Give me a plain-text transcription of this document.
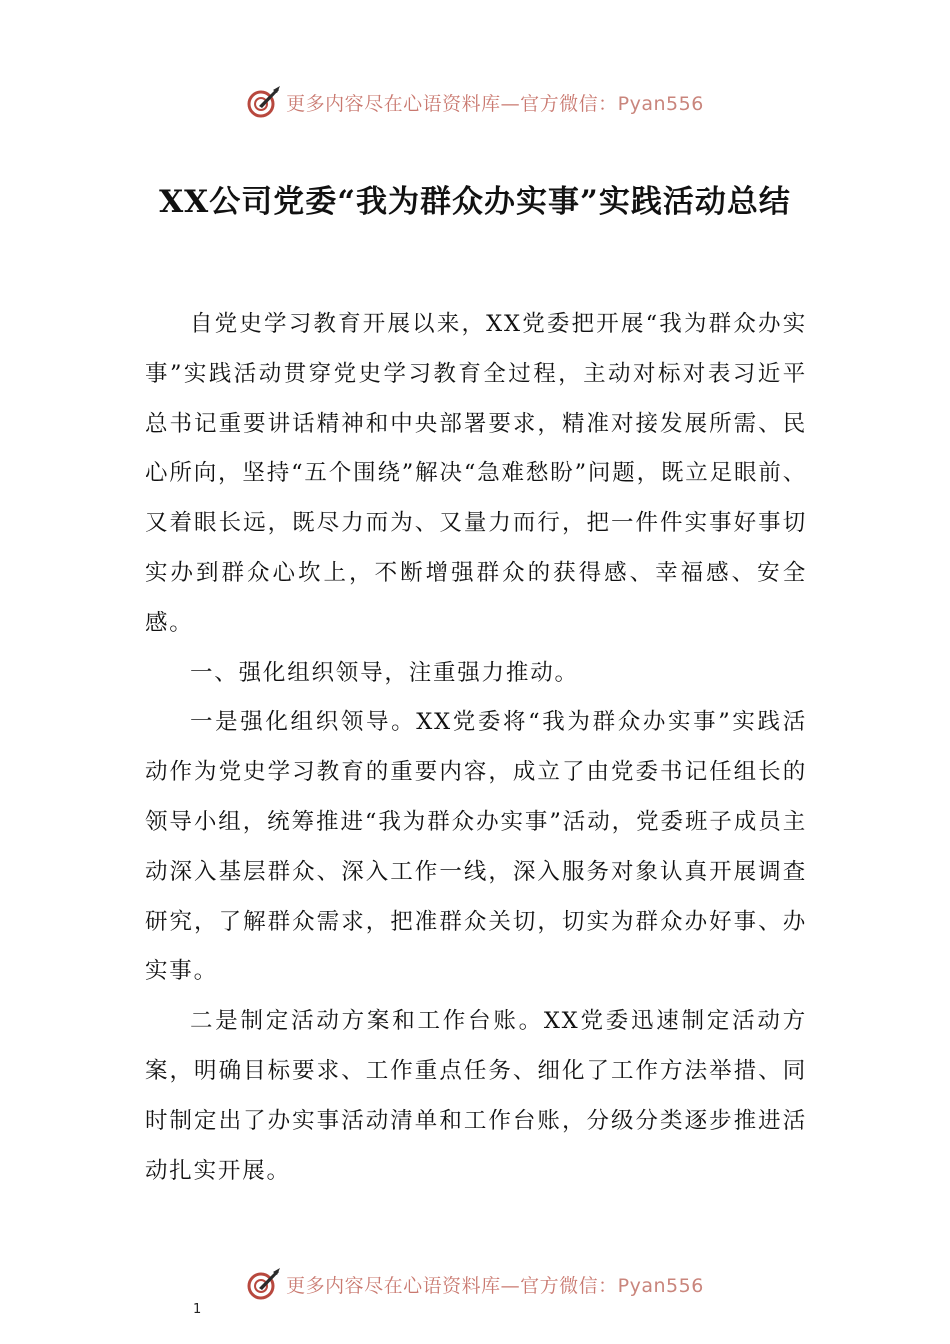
更多内容尽在心语资料库—官方微信：Pyan556
XX公司党委“我为群众办实事”实践活动总结

自党史学习教育开展以来，XX党委把开展“我为群众办实事”实践活动贯穿党史学习教育全过程，主动对标对表习近平总书记重要讲话精神和中央部署要求，精准对接发展所需、民心所向，坚持“五个围绕”解决“急难愁盼”问题，既立足眼前、又着眼长远，既尽力而为、又量力而行，把一件件实事好事切实办到群众心坎上，不断增强群众的获得感、幸福感、安全感。

一、强化组织领导，注重强力推动。

一是强化组织领导。XX党委将“我为群众办实事”实践活动作为党史学习教育的重要内容，成立了由党委书记任组长的领导小组，统筹推进“我为群众办实事”活动，党委班子成员主动深入基层群众、深入工作一线，深入服务对象认真开展调查研究，了解群众需求，把准群众关切，切实为群众办好事、办实事。

二是制定活动方案和工作台账。XX党委迅速制定活动方案，明确目标要求、工作重点任务、细化了工作方法举措、同时制定出了办实事活动清单和工作台账，分级分类逐步推进活动扎实开展。

更多内容尽在心语资料库—官方微信：Pyan556
1
